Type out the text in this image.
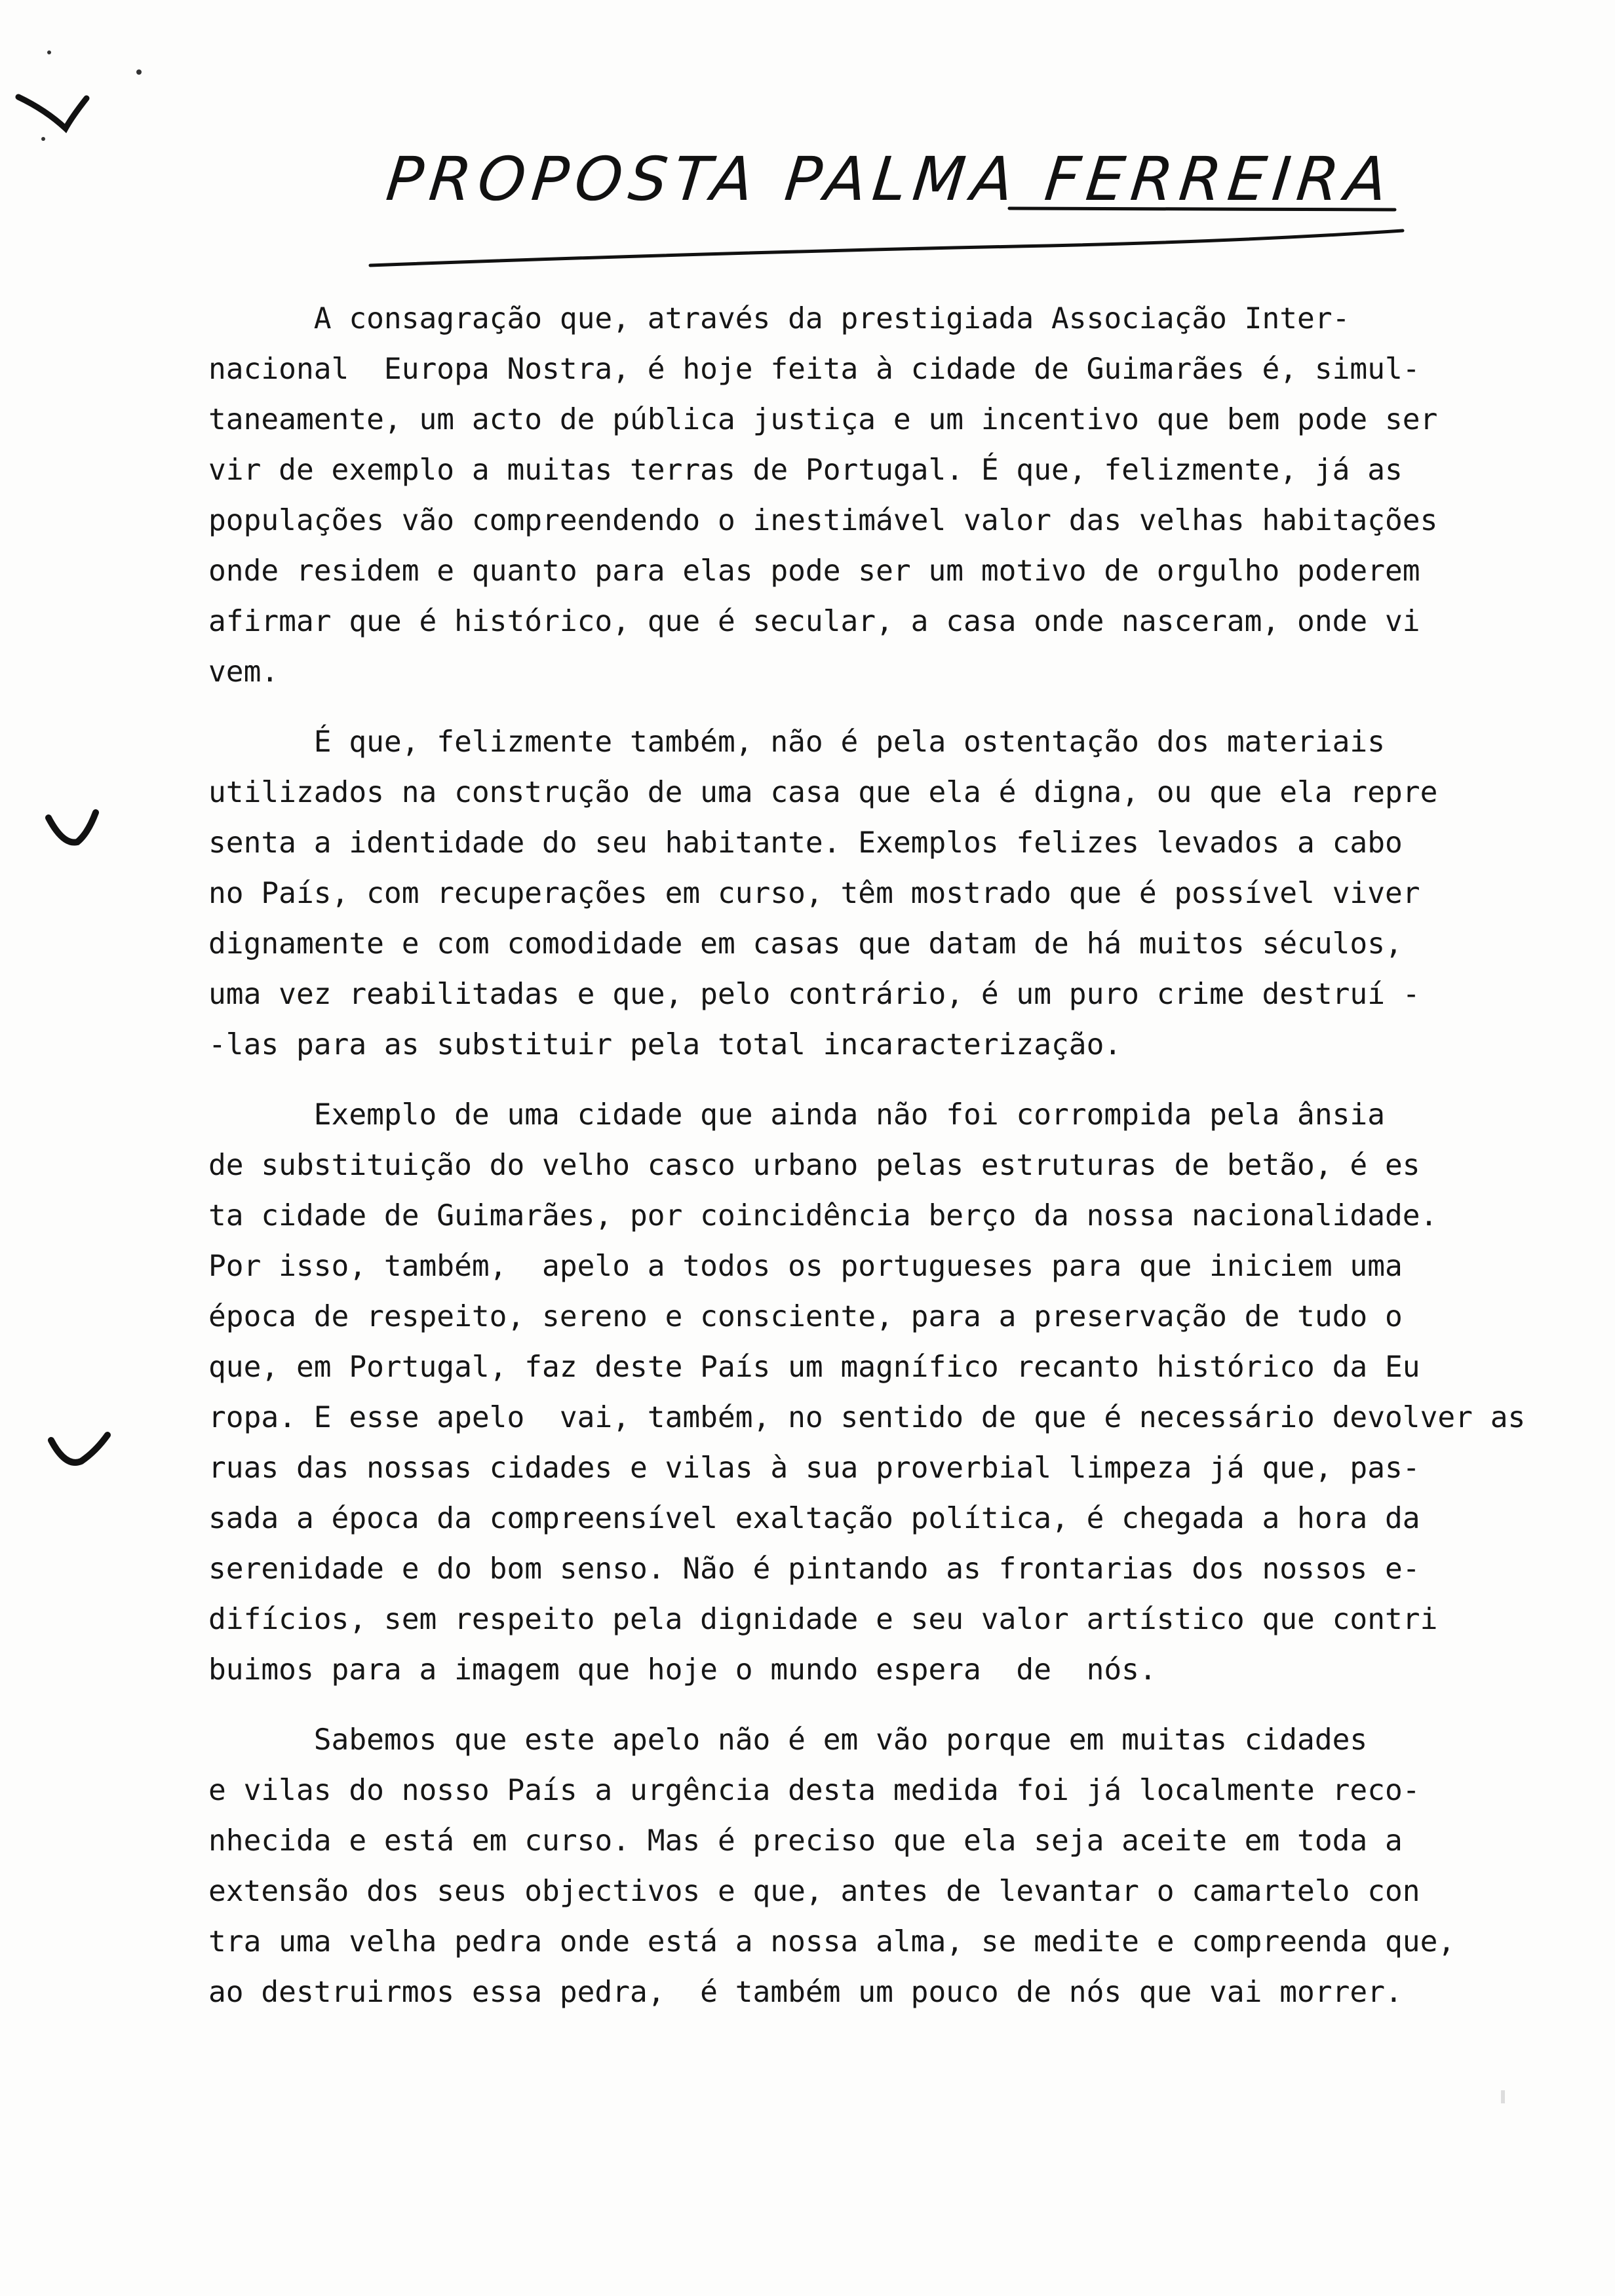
PROPOSTA PALMA FERREIRA
A consagração que, através da prestigiada Associação Inter-
nacional  Europa Nostra, é hoje feita à cidade de Guimarães é, simul-
taneamente, um acto de pública justiça e um incentivo que bem pode ser
vir de exemplo a muitas terras de Portugal. É que, felizmente, já as
populações vão compreendendo o inestimável valor das velhas habitações
onde residem e quanto para elas pode ser um motivo de orgulho poderem
afirmar que é histórico, que é secular, a casa onde nasceram, onde vi
vem.
É que, felizmente também, não é pela ostentação dos materiais
utilizados na construção de uma casa que ela é digna, ou que ela repre
senta a identidade do seu habitante. Exemplos felizes levados a cabo
no País, com recuperações em curso, têm mostrado que é possível viver
dignamente e com comodidade em casas que datam de há muitos séculos,
uma vez reabilitadas e que, pelo contrário, é um puro crime destruí -
-las para as substituir pela total incaracterização.
Exemplo de uma cidade que ainda não foi corrompida pela ânsia
de substituição do velho casco urbano pelas estruturas de betão, é es
ta cidade de Guimarães, por coincidência berço da nossa nacionalidade.
Por isso, também,  apelo a todos os portugueses para que iniciem uma
época de respeito, sereno e consciente, para a preservação de tudo o
que, em Portugal, faz deste País um magnífico recanto histórico da Eu
ropa. E esse apelo  vai, também, no sentido de que é necessário devolver as
ruas das nossas cidades e vilas à sua proverbial limpeza já que, pas-
sada a época da compreensível exaltação política, é chegada a hora da
serenidade e do bom senso. Não é pintando as frontarias dos nossos e-
difícios, sem respeito pela dignidade e seu valor artístico que contri
buimos para a imagem que hoje o mundo espera  de  nós.
Sabemos que este apelo não é em vão porque em muitas cidades
e vilas do nosso País a urgência desta medida foi já localmente reco-
nhecida e está em curso. Mas é preciso que ela seja aceite em toda a
extensão dos seus objectivos e que, antes de levantar o camartelo con
tra uma velha pedra onde está a nossa alma, se medite e compreenda que,
ao destruirmos essa pedra,  é também um pouco de nós que vai morrer.
